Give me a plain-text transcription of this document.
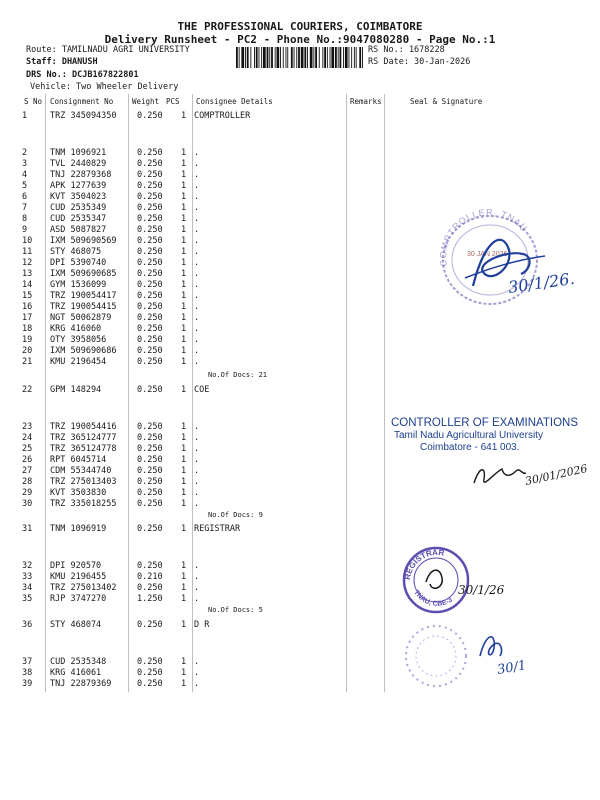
THE PROFESSIONAL COURIERS, COIMBATORE
Delivery Runsheet - PC2 - Phone No.:9047080280 - Page No.:1
Route: TAMILNADU AGRI UNIVERSITY
Staff: DHANUSH
DRS No.: DCJB167822801
Vehicle: Two Wheeler Delivery
RS No.: 1678228
RS Date: 30-Jan-2026
S No Consignment No	Weight PCS Consignee Details	Remarks	Seal & Signature
1	TRZ 345094350 0.250 1 COMPTROLLER
2	TNM 1096921	0.250 1 .
3	TVL 2440829	0.250 1 .
4	TNJ 22879368	0.250 1 .
5	APK 1277639	0.250 1 .
6	KVT 3504023	0.250 1 .
7	CUD 2535349	0.250 1 .
8	CUD 2535347	0.250 1 .
9	ASD 5087827	0.250 1 .
10 IXM 509690569 0.250 1 .
11 STY 468075	0.250 1 .
12 DPI 5390740	0.250 1 .
13 IXM 509690685 0.250 1 .
14 GYM 1536099	0.250 1 .
15 TRZ 190054417 0.250 1 .
16 TRZ 190054415 0.250 1 .
17 NGT 50062879	0.250 1 .
18 KRG 416060	0.250 1 .
19 OTY 3958056	0.250 1 .
20 IXM 509690686 0.250 1 .
21 KMU 2196454	0.250 1 .
22 GPM 148294	0.250 1 COE
23 TRZ 190054416 0.250 1 .
24 TRZ 365124777 0.250 1 .
25 TRZ 365124778 0.250 1 .
26 RPT 6045714	0.250 1 .
27 CDM 55344740	0.250 1 .
28 TRZ 275013403 0.250 1 .
29 KVT 3503830	0.250 1 .
30 TRZ 335018255 0.250 1 .
31 TNM 1096919	0.250 1 REGISTRAR
32 DPI 920570	0.250 1 .
33 KMU 2196455	0.210 1 .
34 TRZ 275013402 0.250 1 .
35 RJP 3747270	1.250 1 .
36 STY 468074	0.250 1 D R
37 CUD 2535348	0.250 1 .
38 KRG 416061	0.250 1 .
39 TNJ 22879369	0.250 1 .
No.Of Docs: 21
No.Of Docs: 9
No.Of Docs: 5
COMPTROLLER, TNAU
30 JAN 2026
30/1/26.
CONTROLLER OF EXAMINATIONS
Tamil Nadu Agricultural University
Coimbatore - 641 003.
30/01/2026
REGISTRAR
TNAU, CBE-3
30/1/26
30/1
